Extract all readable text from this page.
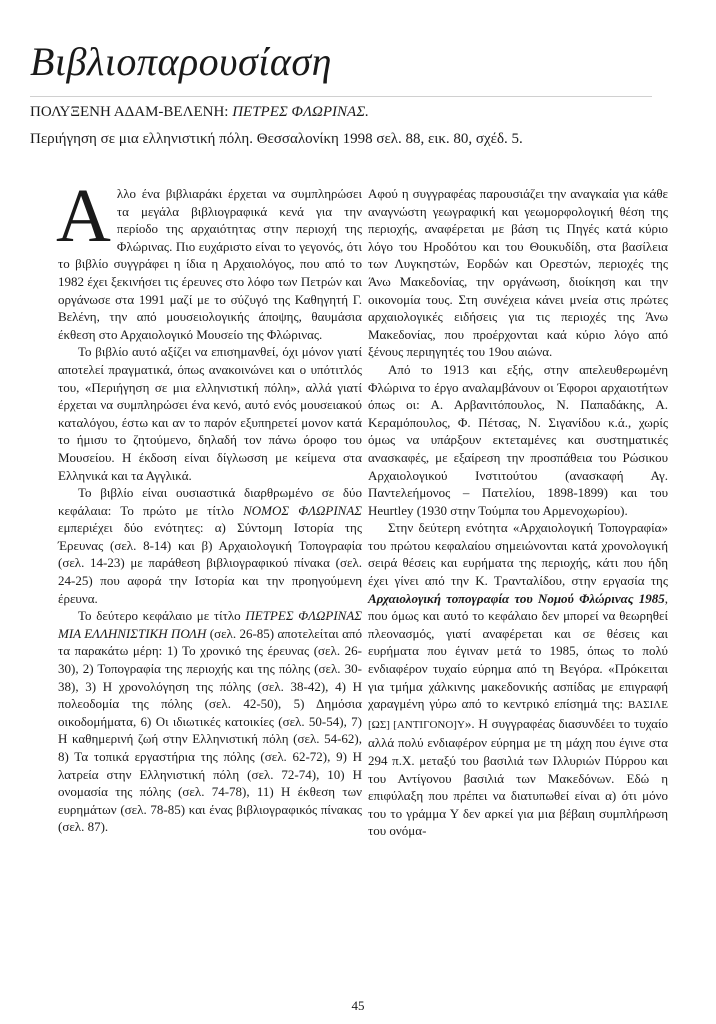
Βιβλιοπαρουσίαση
ΠΟΛΥΞΕΝΗ ΑΔΑΜ-ΒΕΛΕΝΗ: ΠΕΤΡΕΣ ΦΛΩΡΙΝΑΣ.
Περιήγηση σε μια ελληνιστική πόλη. Θεσσαλονίκη 1998 σελ. 88, εικ. 80, σχέδ. 5.

Αλλο ένα βιβλιαράκι έρχεται να συμπληρώσει τα μεγάλα βιβλιογραφικά κενά για την περίοδο της αρχαιότητας στην περιοχή της Φλώρινας. Πιο ευχάριστο είναι το γεγονός, ότι το βιβλίο συγγράφει η ίδια η Αρχαιολόγος, που από το 1982 έχει ξεκινήσει τις έρευνες στο λόφο των Πετρών και οργάνωσε στα 1991 μαζί με το σύζυγό της Καθηγητή Γ. Βελένη, την από μουσειολογικής άποψης, θαυμάσια έκθεση στο Αρχαιολογικό Μουσείο της Φλώρινας.

Το βιβλίο αυτό αξίζει να επισημανθεί, όχι μόνον γιατί αποτελεί πραγματικά, όπως ανακοινώνει και ο υπότιτλός του, «Περιήγηση σε μια ελληνιστική πόλη», αλλά γιατί έρχεται να συμπληρώσει ένα κενό, αυτό ενός μουσειακού καταλόγου, έστω και αν το παρόν εξυπηρετεί μονον κατά το ήμισυ το ζητούμενο, δηλαδή τον πάνω όροφο του Μουσείου. Η έκδοση είναι δίγλωσση με κείμενα στα Ελληνικά και τα Αγγλικά.

Το βιβλίο είναι ουσιαστικά διαρθρωμένο σε δύο κεφάλαια: Το πρώτο με τίτλο ΝΟΜΟΣ ΦΛΩΡΙΝΑΣ εμπεριέχει δύο ενότητες: α) Σύντομη Ιστορία της Έρευνας (σελ. 8-14) και β) Αρχαιολογική Τοπογραφία (σελ. 14-23) με παράθεση βιβλιογραφικού πίνακα (σελ. 24-25) που αφορά την Ιστορία και την προηγούμενη έρευνα.

Το δεύτερο κεφάλαιο με τίτλο ΠΕΤΡΕΣ ΦΛΩΡΙΝΑΣ ΜΙΑ ΕΛΛΗΝΙΣΤΙΚΗ ΠΟΛΗ (σελ. 26-85) αποτελείται από τα παρακάτω μέρη: 1) Το χρονικό της έρευνας (σελ. 26-30), 2) Τοπογραφία της περιοχής και της πόλης (σελ. 30-38), 3) Η χρονολόγηση της πόλης (σελ. 38-42), 4) Η πολεοδομία της πόλης (σελ. 42-50), 5) Δημόσια οικοδομήματα, 6) Οι ιδιωτικές κατοικίες (σελ. 50-54), 7) Η καθημερινή ζωή στην Ελληνιστική πόλη (σελ. 54-62), 8) Τα τοπικά εργαστήρια της πόλης (σελ. 62-72), 9) Η λατρεία στην Ελληνιστική πόλη (σελ. 72-74), 10) Η ονομασία της πόλης (σελ. 74-78), 11) Η έκθεση των ευρημάτων (σελ. 78-85) και ένας βιβλιογραφικός πίνακας (σελ. 87).

Αφού η συγγραφέας παρουσιάζει την αναγκαία για κάθε αναγνώστη γεωγραφική και γεωμορφολογική θέση της περιοχής, αναφέρεται με βάση τις Πηγές κατά κύριο λόγο του Ηροδότου και του Θουκυδίδη, στα βασίλεια των Λυγκηστών, Εορδών και Ορεστών, περιοχές της Άνω Μακεδονίας, την οργάνωση, διοίκηση και την οικονομία τους. Στη συνέχεια κάνει μνεία στις πρώτες αρχαιολογικές ειδήσεις για τις περιοχές της Άνω Μακεδονίας, που προέρχονται καά κύριο λόγο από ξένους περιηγητές του 19ου αιώνα.

Από το 1913 και εξής, στην απελευθερωμένη Φλώρινα το έργο αναλαμβάνουν οι Έφοροι αρχαιοτήτων όπως οι: Α. Αρβανιτόπουλος, Ν. Παπαδάκης, Α. Κεραμόπουλος, Φ. Πέτσας, Ν. Σιγανίδου κ.ά., χωρίς όμως να υπάρξουν εκτεταμένες και συστηματικές ανασκαφές, με εξαίρεση την προσπάθεια του Ρώσικου Αρχαιολογικού Ινστιτούτου (ανασκαφή Αγ. Παντελεήμονος – Πατελίου, 1898-1899) και του Heurtley (1930 στην Τούμπα του Αρμενοχωρίου).

Στην δεύτερη ενότητα «Αρχαιολογική Τοπογραφία» του πρώτου κεφαλαίου σημειώνονται κατά χρονολογική σειρά θέσεις και ευρήματα της περιοχής, κάτι που ήδη έχει γίνει από την Κ. Τρανταλίδου, στην εργασία της Αρχαιολογική τοπογραφία του Νομού Φλώρινας 1985, που όμως και αυτό το κεφάλαιο δεν μπορεί να θεωρηθεί πλεονασμός, γιατί αναφέρεται και σε θέσεις και ευρήματα που έγιναν μετά το 1985, όπως το πολύ ενδιαφέρον τυχαίο εύρημα από τη Βεγόρα. «Πρόκειται για τμήμα χάλκινης μακεδονικής ασπίδας με επιγραφή χαραγμένη γύρω από το κεντρικό επίσημά της: ΒΑΣΙΛΕ [ΩΣ] [ΑΝΤΙΓΟΝΟ]Υ». Η συγγραφέας διασυνδέει το τυχαίο αλλά πολύ ενδιαφέρον εύρημα με τη μάχη που έγινε στα 294 π.Χ. μεταξύ του βασιλιά των Ιλλυριών Πύρρου και του Αντίγονου βασιλιά των Μακεδόνων. Εδώ η επιφύλαξη που πρέπει να διατυπωθεί είναι α) ότι μόνο του το γράμμα Υ δεν αρκεί για μια βέβαιη συμπλήρωση του ονόμα-

45
